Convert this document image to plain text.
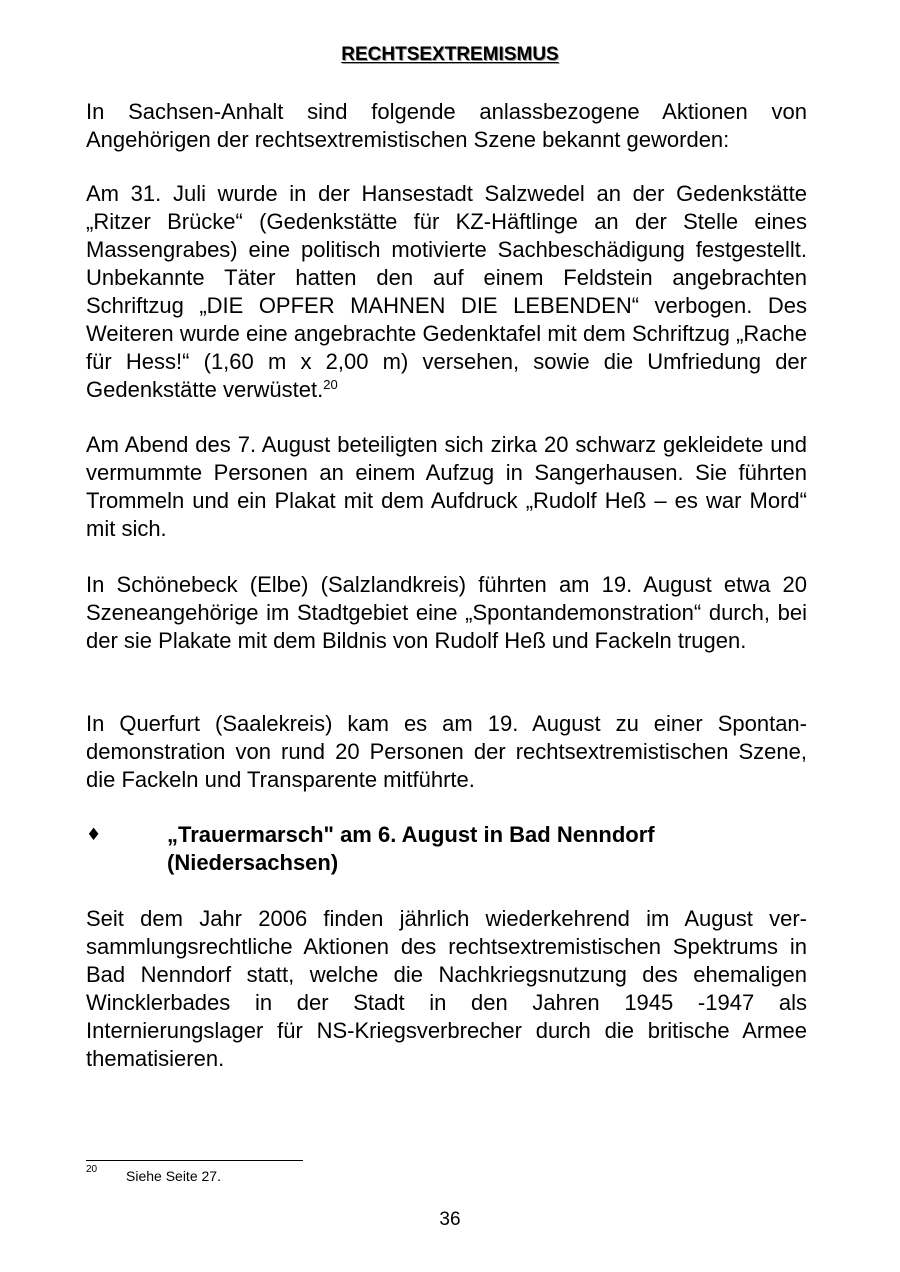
RECHTSEXTREMISMUS
In Sachsen-Anhalt sind folgende anlassbezogene Aktionen von Angehörigen der rechtsextremistischen Szene bekannt geworden:
Am 31. Juli wurde in der Hansestadt Salzwedel an der Gedenkstätte „Ritzer Brücke“ (Gedenkstätte für KZ-Häftlinge an der Stelle eines Massengrabes) eine politisch motivierte Sachbeschädigung festgestellt. Unbekannte Täter hatten den auf einem Feldstein angebrachten Schriftzug „DIE OPFER MAHNEN DIE LEBENDEN“ verbogen. Des Weiteren wurde eine angebrachte Gedenktafel mit dem Schriftzug „Rache für Hess!“ (1,60 m x 2,00 m) versehen, sowie die Umfriedung der Gedenkstätte verwüstet.$^{20}$
Am Abend des 7. August beteiligten sich zirka 20 schwarz gekleidete und vermummte Personen an einem Aufzug in Sangerhausen. Sie führten Trommeln und ein Plakat mit dem Aufdruck „Rudolf Heß – es war Mord“ mit sich.
In Schönebeck (Elbe) (Salzlandkreis) führten am 19. August etwa 20 Szeneangehörige im Stadtgebiet eine „Spontandemonstration“ durch, bei der sie Plakate mit dem Bildnis von Rudolf Heß und Fackeln trugen.
In Querfurt (Saalekreis) kam es am 19. August zu einer Spontandemonstration von rund 20 Personen der rechtsextremistischen Szene, die Fackeln und Transparente mitführte.
♦	„Trauermarsch" am 6. August in Bad Nenndorf
(Niedersachsen)
Seit dem Jahr 2006 finden jährlich wiederkehrend im August versammlungsrechtliche Aktionen des rechtsextremistischen Spektrums in Bad Nenndorf statt, welche die Nachkriegsnutzung des ehemaligen Wincklerbades in der Stadt in den Jahren 1945 -1947 als Internierungslager für NS-Kriegsverbrecher durch die britische Armee thematisieren.
20 Siehe Seite 27.
36
